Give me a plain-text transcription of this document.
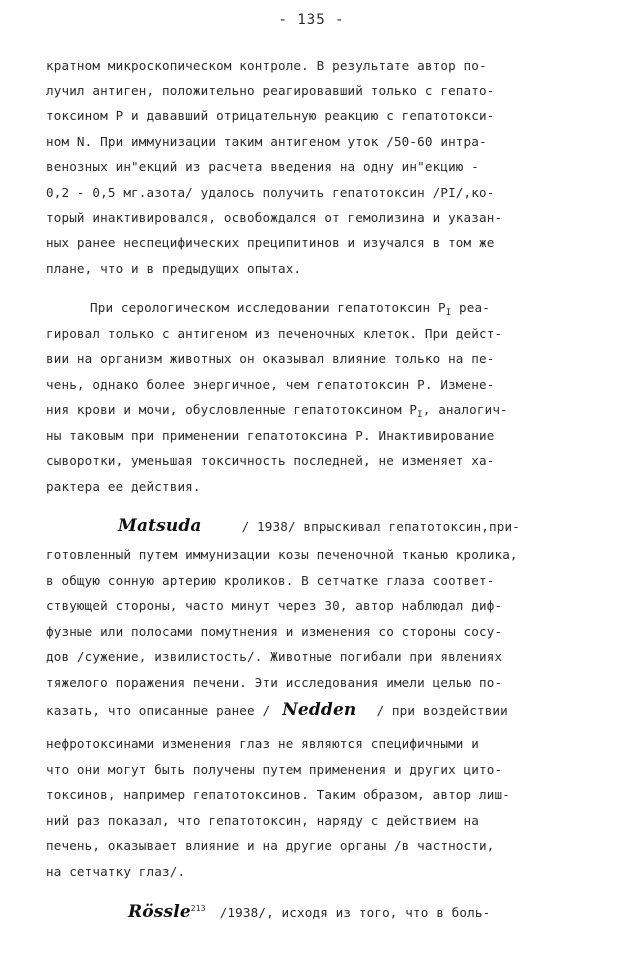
- 135 -
кратном микроскопическом контроле. В результате автор по-
лучил антиген, положительно реагировавший только с гепато-
токсином P и дававший отрицательную реакцию с гепатотокси-
ном N. При иммунизации таким антигеном уток /50-60 интра-
венозных ин"екций из расчета введения на одну ин"екцию -
0,2 - 0,5 мг.азота/ удалось получить гепатотоксин /PI/,ко-
торый инактивировался, освобождался от гемолизина и указан-
ных ранее неспецифических преципитинов и изучался в том же
плане, что и в предыдущих опытах.
При серологическом исследовании гепатотоксин $P_I$ реа-
гировал только с антигеном из печеночных клеток. При дейст-
вии на организм животных он оказывал влияние только на пе-
чень, однако более энергичное, чем гепатотоксин P. Измене-
ния крови и мочи, обусловленные гепатотоксином $P_I$, аналогич-
ны таковым при применении гепатотоксина P. Инактивирование
сыворотки, уменьшая токсичность последней, не изменяет ха-
рактера ее действия.
Matsuda	/ 1938/ впрыскивал гепатотоксин,при-
готовленный путем иммунизации козы печеночной тканью кролика,
в общую сонную артерию кроликов. В сетчатке глаза соответ-
ствующей стороны, часто минут через 30, автор наблюдал диф-
фузные или полосами помутнения и изменения со стороны сосу-
дов /сужение, извилистость/. Животные погибали при явлениях
тяжелого поражения печени. Эти исследования имели целью по-
казать, что описанные ранее / Nedden / при воздействии
нефротоксинами изменения глаз не являются специфичными и
что они могут быть получены путем применения и других цито-
токсинов, например гепатотоксинов. Таким образом, автор лиш-
ний раз показал, что гепатотоксин, наряду с действием на
печень, оказывает влияние и на другие органы /в частности,
на сетчатку глаз/.
Rössle$^{213}$ /1938/, исходя из того, что в боль-
